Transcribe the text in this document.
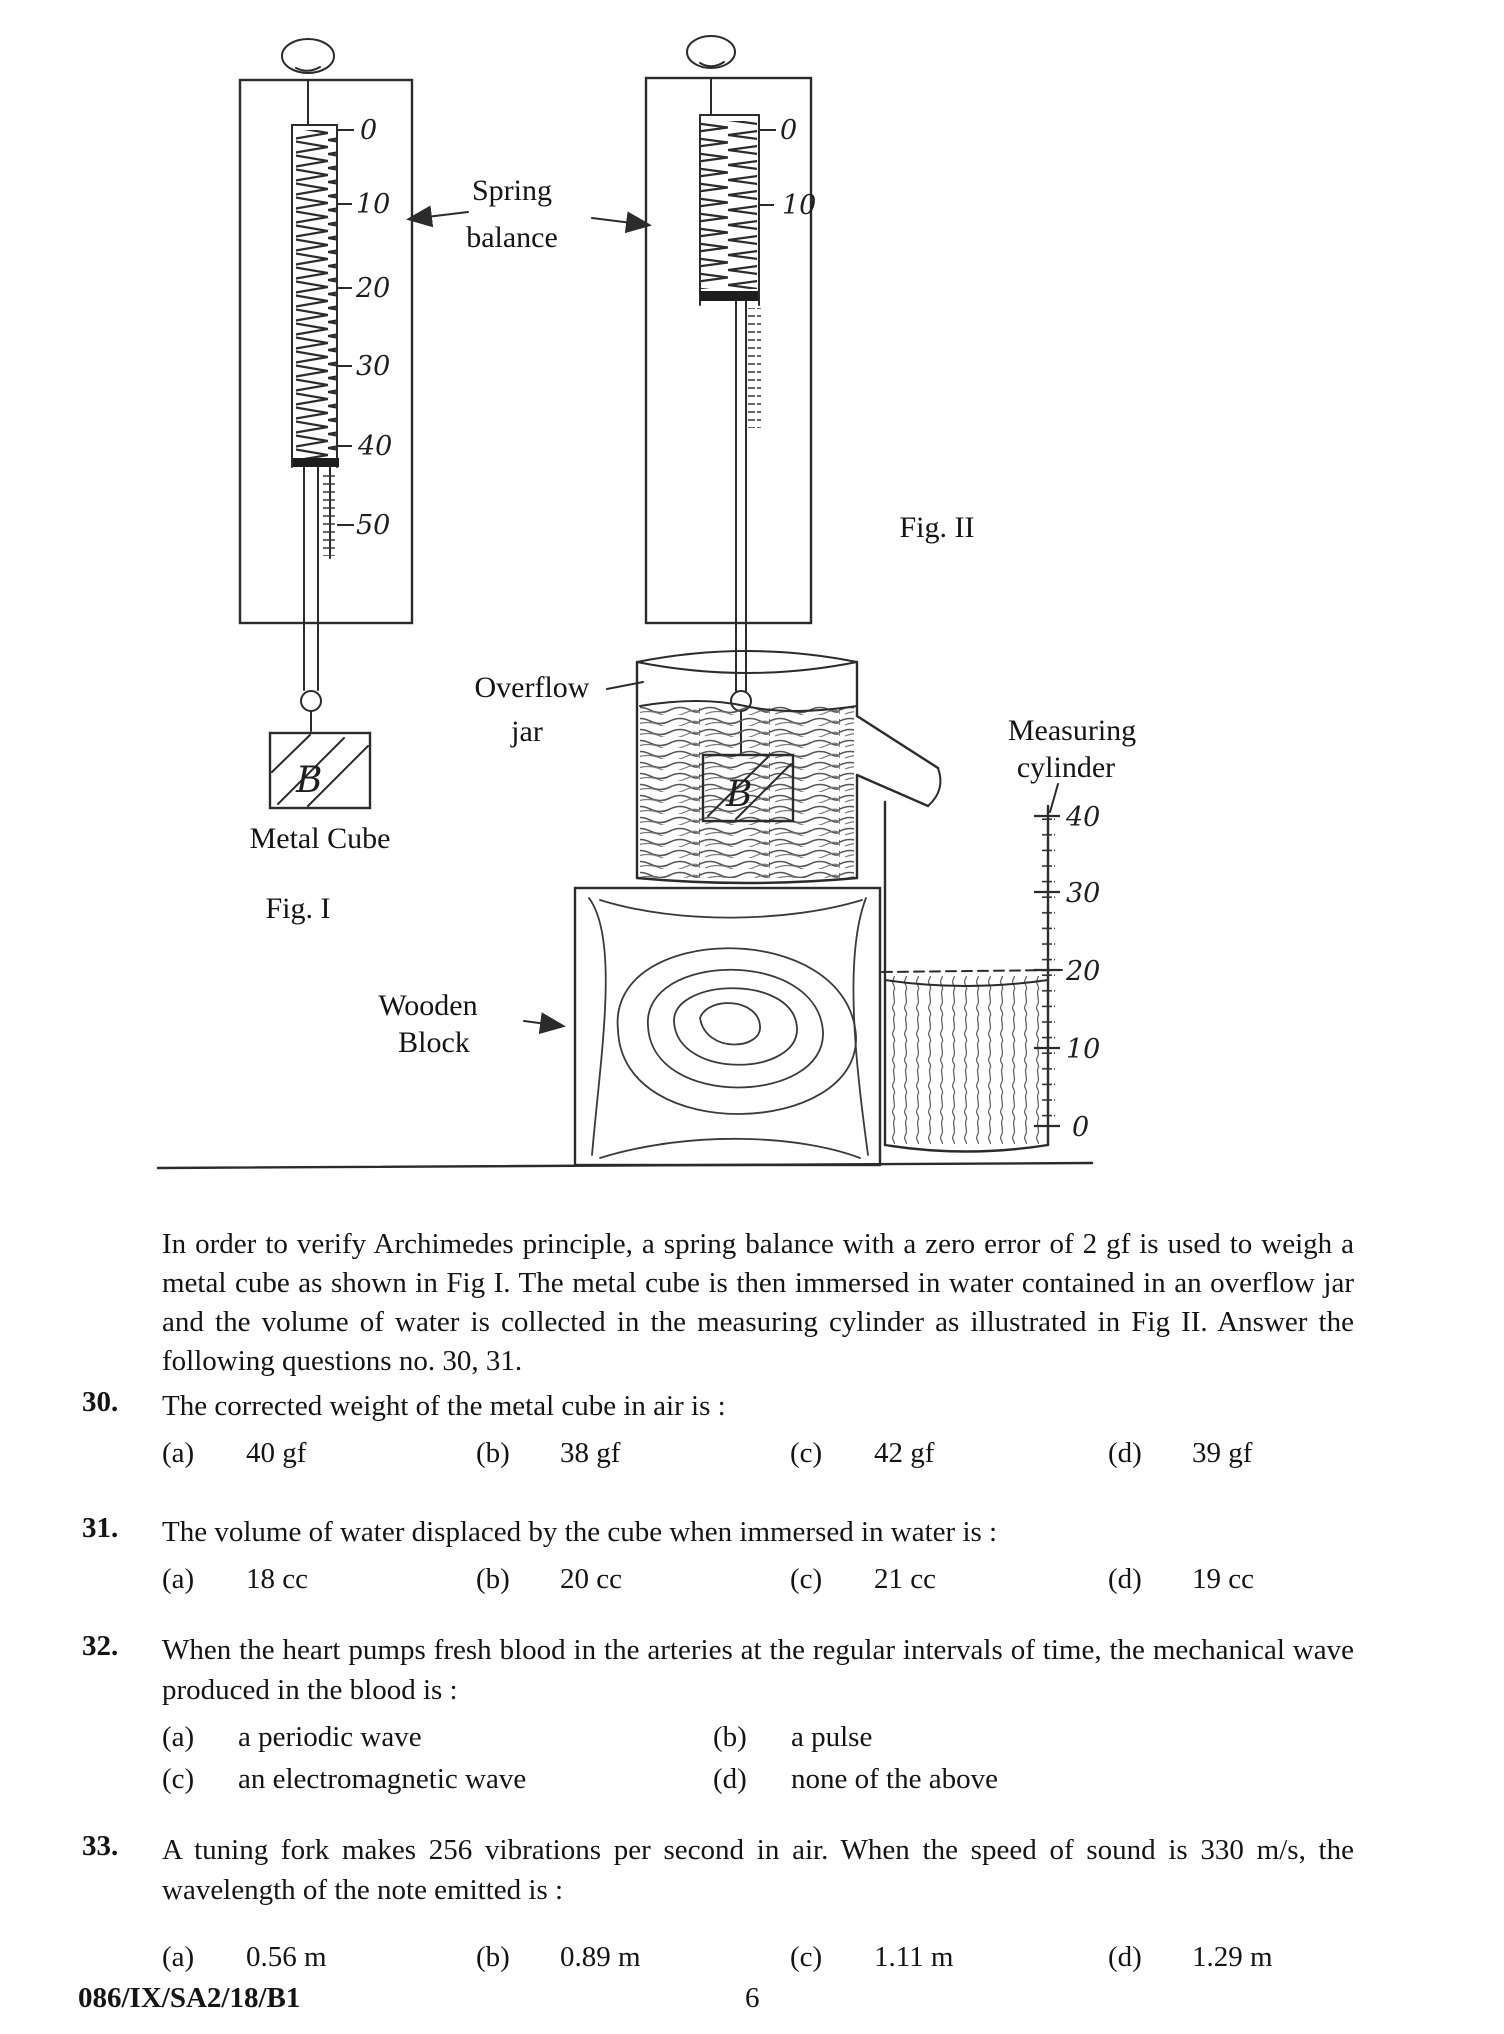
0
10
20
30
40
50
B
Metal Cube
Fig. I
Spring
balance
0
10
Fig. II
B
Overflow
jar
40
30
20
10
0
Measuring
cylinder
Wooden
Block

In order to verify Archimedes principle, a spring balance with a zero error of 2 gf is used to weigh a metal cube as shown in Fig I. The metal cube is then immersed in water contained in an overflow jar and the volume of water is collected in the measuring cylinder as illustrated in Fig II. Answer the following questions no. 30, 31.

30. The corrected weight of the metal cube in air is :
(a)	40 gf	(b)	38 gf	(c)	42 gf	(d)	39 gf
31. The volume of water displaced by the cube when immersed in water is :
(a)	18 cc	(b)	20 cc	(c)	21 cc	(d)	19 cc
32. When the heart pumps fresh blood in the arteries at the regular intervals of time, the mechanical wave produced in the blood is :
(a)	a periodic wave	(b)	a pulse
(c)	an electromagnetic wave	(d)	none of the above
33. A tuning fork makes 256 vibrations per second in air. When the speed of sound is 330 m/s, the wavelength of the note emitted is :
(a)	0.56 m	(b)	0.89 m	(c)	1.11 m	(d)	1.29 m
086/IX/SA2/18/B1	6
